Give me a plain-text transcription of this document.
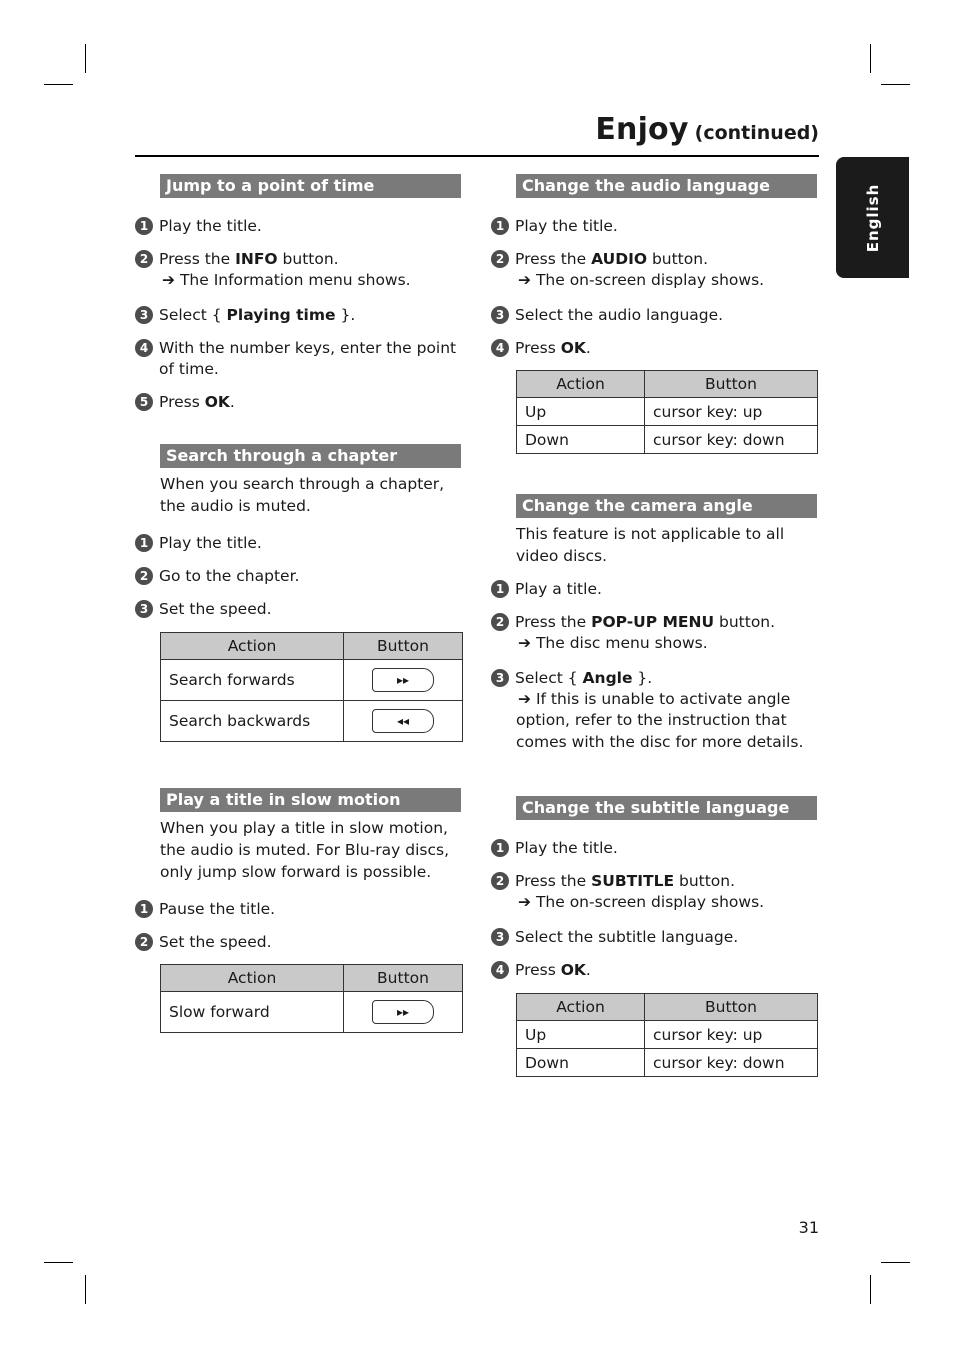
Enjoy (continued)
English
Jump to a point of time
1 Play the title.
2 Press the INFO button.
➔ The Information menu shows.
3 Select { Playing time }.
4 With the number keys, enter the point of time.
5 Press OK.
Search through a chapter
When you search through a chapter, the audio is muted.
1 Play the title.
2 Go to the chapter.
3 Set the speed.
Action	Button
Search forwards	▸▸
Search backwards	◂◂
Play a title in slow motion
When you play a title in slow motion, the audio is muted. For Blu-ray discs, only jump slow forward is possible.
1 Pause the title.
2 Set the speed.
Action	Button
Slow forward	▸▸
Change the audio language
1 Play the title.
2 Press the AUDIO button.
➔ The on-screen display shows.
3 Select the audio language.
4 Press OK.
Action	Button
Up	cursor key: up
Down	cursor key: down
Change the camera angle
This feature is not applicable to all video discs.
1 Play a title.
2 Press the POP-UP MENU button.
➔ The disc menu shows.
3 Select { Angle }.
➔ If this is unable to activate angle
option, refer to the instruction that comes with the disc for more details.
Change the subtitle language
1 Play the title.
2 Press the SUBTITLE button.
➔ The on-screen display shows.
3 Select the subtitle language.
4 Press OK.
Action	Button
Up	cursor key: up
Down	cursor key: down
31
